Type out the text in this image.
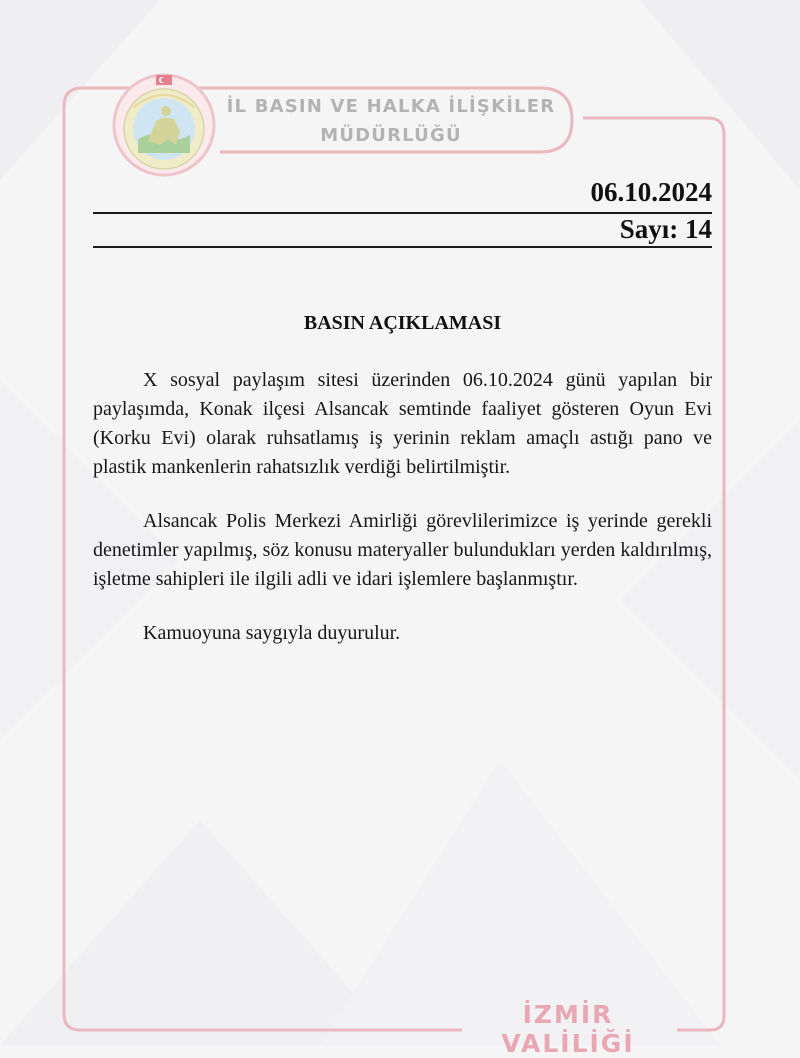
İL BASIN VE HALKA İLİŞKİLER
MÜDÜRLÜĞÜ

06.10.2024

Sayı: 14

BASIN AÇIKLAMASI

X sosyal paylaşım sitesi üzerinden 06.10.2024 günü yapılan bir paylaşımda, Konak ilçesi Alsancak semtinde faaliyet gösteren Oyun Evi (Korku Evi) olarak ruhsatlamış iş yerinin reklam amaçlı astığı pano ve plastik mankenlerin rahatsızlık verdiği belirtilmiştir.

Alsancak Polis Merkezi Amirliği görevlilerimizce iş yerinde gerekli denetimler yapılmış, söz konusu materyaller bulundukları yerden kaldırılmış, işletme sahipleri ile ilgili adli ve idari işlemlere başlanmıştır.

Kamuoyuna saygıyla duyurulur.

İZMİR VALİLİĞİ
